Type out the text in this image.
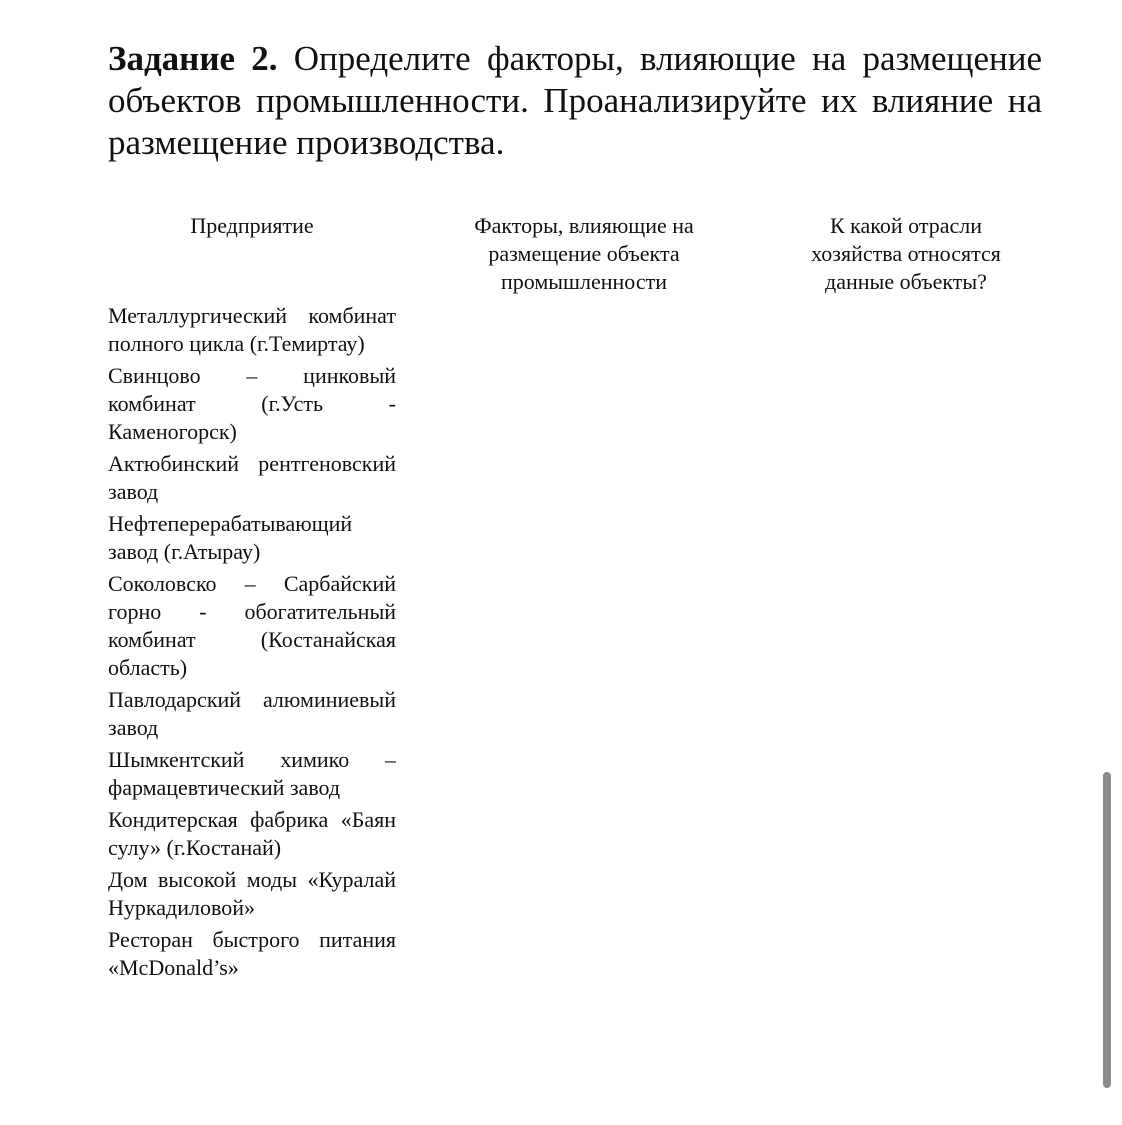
Задание 2. Определите факторы, влияющие на размещение объектов промышленности. Проанализируйте их влияние на размещение производства.
Предприятие	Факторы, влияющие на размещение объекта промышленности
К какой отрасли хозяйства относятся данные объекты?
Металлургический комбинат полного цикла (г.Темиртау)
Свинцово – цинковый комбинат (г.Усть - Каменогорск)
Актюбинский рентгеновский завод
Нефтеперерабатывающий завод (г.Атырау)
Соколовско – Сарбайский горно - обогатительный комбинат (Костанайская область)
Павлодарский алюминиевый завод
Шымкентский химико – фармацевтический завод
Кондитерская фабрика «Баян сулу» (г.Костанай)
Дом высокой моды «Куралай Нуркадиловой»
Ресторан быстрого питания «McDonald’s»
